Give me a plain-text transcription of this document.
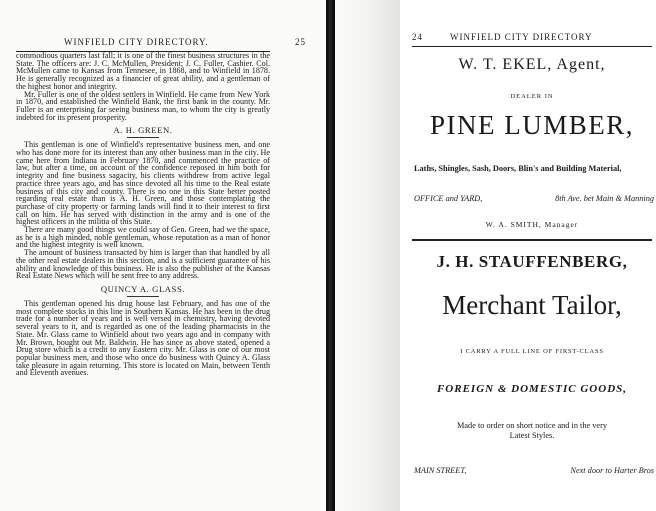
WINFIELD CITY DIRECTORY.	25

commodious quarters last fall; it is one of the finest business structures in the State. The officers are: J. C. McMullen, President; J. C. Fuller, Cashier. Col. McMullen came to Kansas from Tennesee, in 1868, and to Winfield in 1878. He is generally recognized as a financier of great ability, and a gentleman of the highest honor and integrity.

Mr. Fuller is one of the oldest settlers in Winfield. He came from New York in 1870, and established the Winfield Bank, the first bank in the county. Mr. Fuller is an enterprising far seeing business man, to whom the city is greatly indebted for its present prosperity.

A. H. GREEN.

This gentleman is one of Winfield's representative business men, and one who has done more for its interest than any other business man in the city. He came here from Indiana in February 1870, and commenced the practice of law, but after a time, on account of the confidence reposed in him both for integrity and fine business sagacity, his clients withdrew from active legal practice three years ago, and has since devoted all his time to the Real estate business of this city and county. There is no one in this State better posted regarding real estate than is A. H. Green, and those contemplating the purchase of city property or farming lands will find it to their interest to first call on him. He has served with distinction in the army and is one of the highest officers in the militia of this State.

There are many good things we could say of Gen. Green, had we the space, as he is a high minded, noble gentleman, whose reputation as a man of honor and the highest integrity is well known.

The amount of business transacted by him is larger than that handled by all the other real estate dealers in this section, and is a sufficient guarantee of his ability and knowledge of this business. He is also the publisher of the Kansas Real Estate News which will be sent free to any address.

QUINCY A. GLASS.

This gentleman opened his drug house last February, and has one of the most complete stocks in this line in Southern Kansas. He has been in the drug trade for a number of years and is well versed in chemistry, having devoted several years to it, and is regarded as one of the leading pharmacists in the State. Mr. Glass came to Winfield about two years ago and in company with Mr. Brown, bought out Mr. Baldwin. He has since as above stated, opened a Drug store which is a credit to any Eastern city. Mr. Glass is one of our most popular business men, and those who once do business with Quincy A. Glass take pleasure in again returning. This store is located on Main, between Tenth and Eleventh avenues.

24	WINFIELD CITY DIRECTORY
W. T. EKEL, Agent,
DEALER IN
PINE LUMBER,
Laths, Shingles, Sash, Doors, Blin's and Building Material,
OFFICE and YARD,	8th Ave. bet Main & Manning
W. A. SMITH, Manager
J. H. STAUFFENBERG,
Merchant Tailor,
I CARRY A FULL LINE OF FIRST-CLASS
FOREIGN & DOMESTIC GOODS,
Made to order on short notice and in the very
Latest Styles.
MAIN STREET,	Next door to Harter Bros
